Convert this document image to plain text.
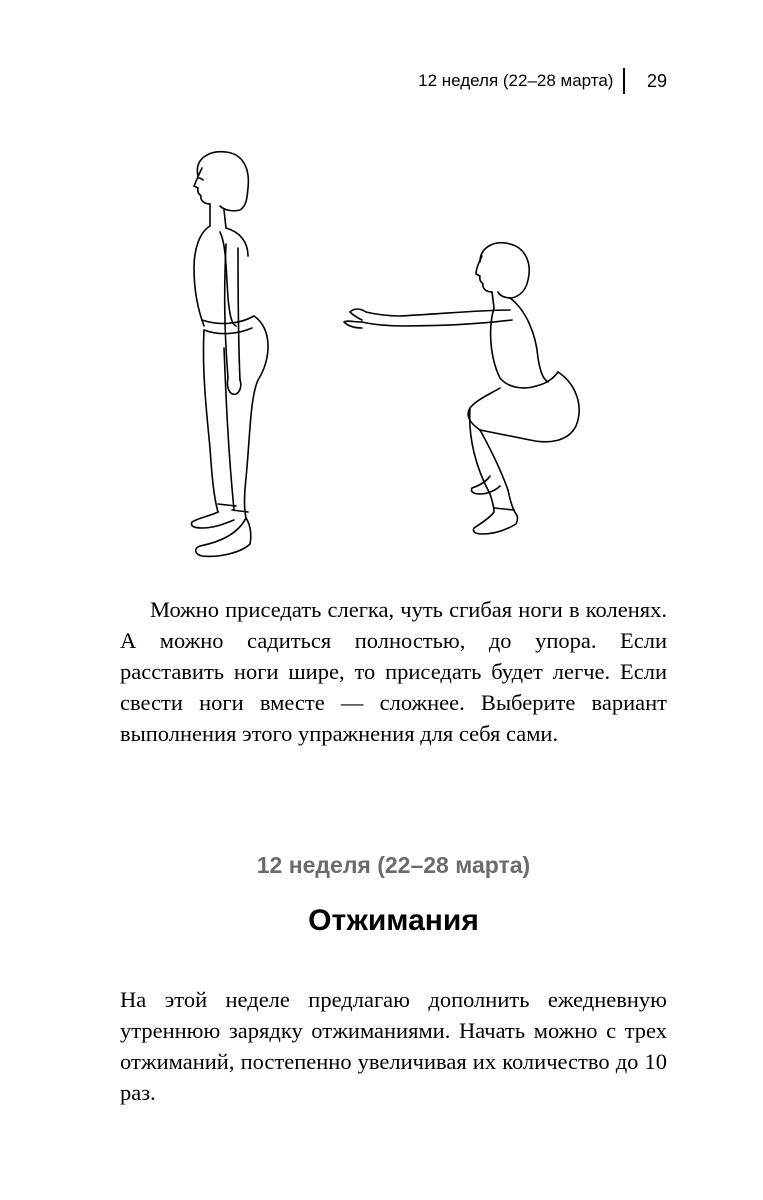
12 неделя (22–28 марта)	29

Можно приседать слегка, чуть сгибая ноги в коленях. А можно садиться полностью, до упора. Если расставить ноги шире, то приседать будет легче. Если свести ноги вместе — сложнее. Выберите вариант выполнения этого упражнения для себя сами.

12 неделя (22–28 марта)
Отжимания

На этой неделе предлагаю дополнить ежедневную утреннюю зарядку отжиманиями. Начать можно с трех отжиманий, постепенно увеличивая их количество до 10 раз.
